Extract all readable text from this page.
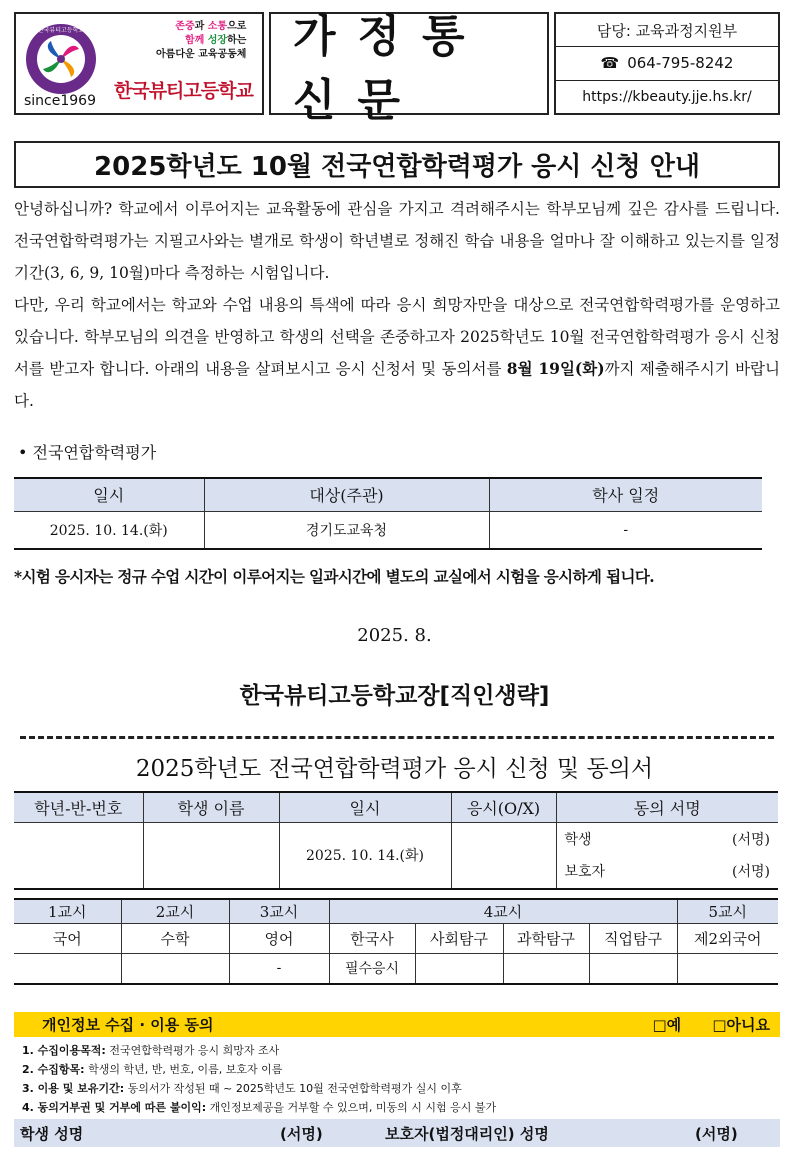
한국뷰티고등학교
since1969
존중과 소통으로
함께 성장하는
아름다운 교육공동체
한국뷰티고등학교
가정통신문
담당: 교육과정지원부
☎ 064-795-8242
https://kbeauty.jje.hs.kr/
2025학년도 10월 전국연합학력평가 응시 신청 안내
안녕하십니까? 학교에서 이루어지는 교육활동에 관심을 가지고 격려해주시는 학부모님께 깊은 감사를 드립니다. 전국연합학력평가는 지필고사와는 별개로 학생이 학년별로 정해진 학습 내용을 얼마나 잘 이해하고 있는지를 일정 기간(3, 6, 9, 10월)마다 측정하는 시험입니다.
다만, 우리 학교에서는 학교와 수업 내용의 특색에 따라 응시 희망자만을 대상으로 전국연합학력평가를 운영하고 있습니다. 학부모님의 의견을 반영하고 학생의 선택을 존중하고자 2025학년도 10월 전국연합학력평가 응시 신청서를 받고자 합니다. 아래의 내용을 살펴보시고 응시 신청서 및 동의서를 8월 19일(화)까지 제출해주시기 바랍니다.
• 전국연합학력평가
일시	대상(주관)	학사 일정
2025. 10. 14.(화)	경기도교육청	-
*시험 응시자는 정규 수업 시간이 이루어지는 일과시간에 별도의 교실에서 시험을 응시하게 됩니다.
2025. 8.
한국뷰티고등학교장[직인생략]
2025학년도 전국연합학력평가 응시 신청 및 동의서
학년-반-번호	학생 이름	일시	응시(O/X)	동의 서명
		2025. 10. 14.(화)		학생 (서명)
보호자 (서명)
1교시	2교시	3교시	4교시				5교시
국어	수학	영어	한국사	사회탐구	과학탐구	직업탐구	제2외국어
		-	필수응시				
개인정보 수집 · 이용 동의	□예 □아니요
1. 수집이용목적: 전국연합학력평가 응시 희망자 조사
2. 수집항목: 학생의 학년, 반, 번호, 이름, 보호자 이름
3. 이용 및 보유기간: 동의서가 작성된 때 ~ 2025학년도 10월 전국연합학력평가 실시 이후
4. 동의거부권 및 거부에 따른 불이익: 개인정보제공을 거부할 수 있으며, 미동의 시 시험 응시 불가
학생 성명	(서명)	보호자(법정대리인) 성명	(서명)
